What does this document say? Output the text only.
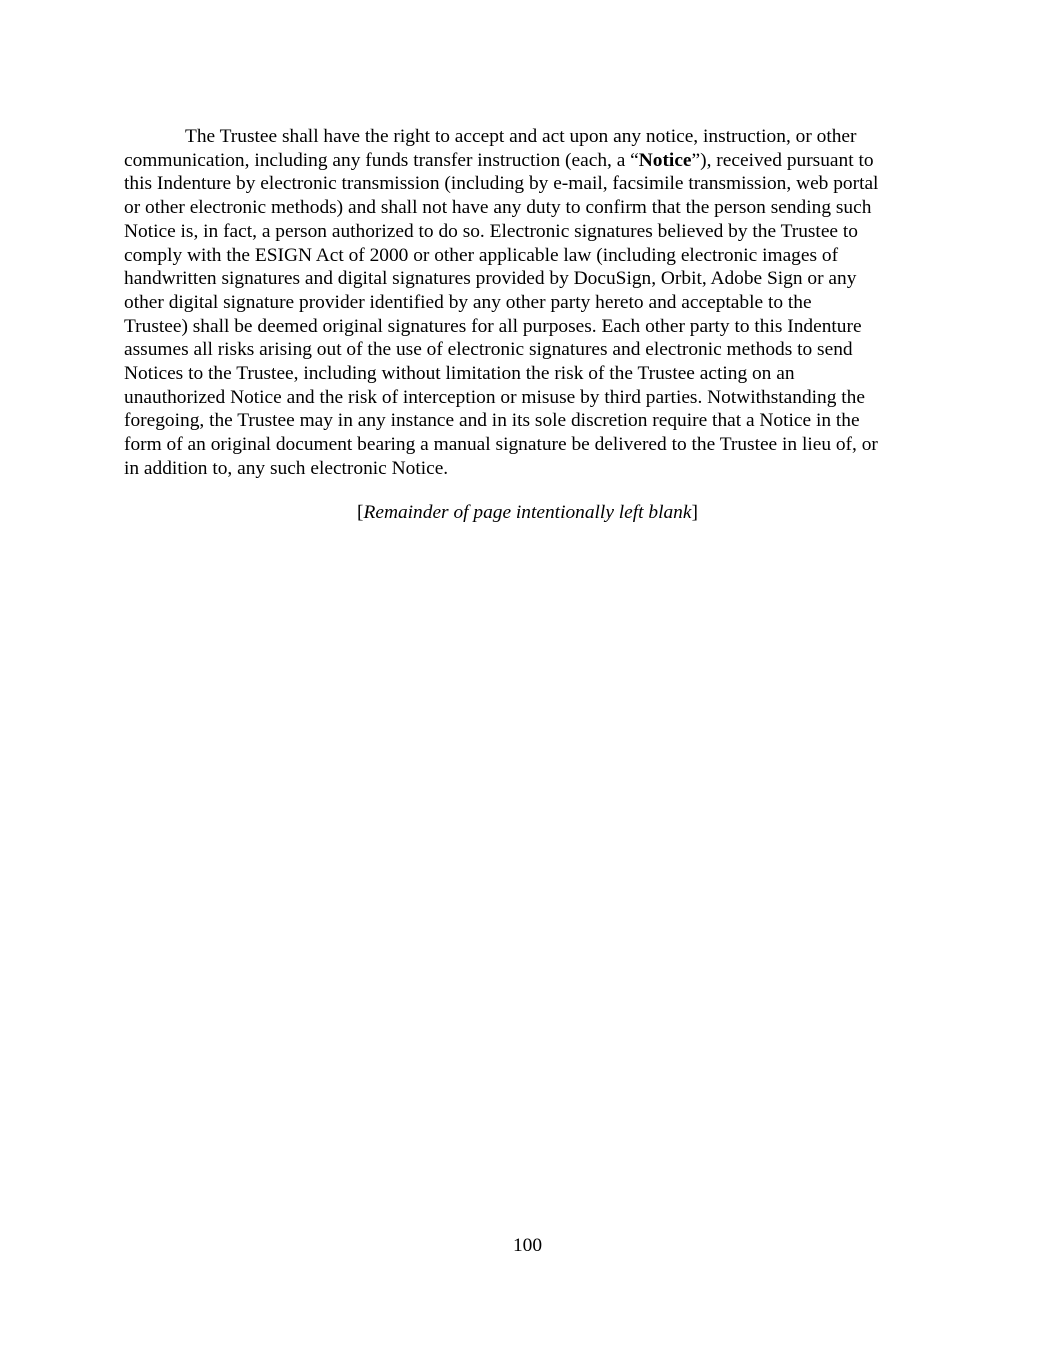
The Trustee shall have the right to accept and act upon any notice, instruction, or other
communication, including any funds transfer instruction (each, a “Notice”), received pursuant to
this Indenture by electronic transmission (including by e-mail, facsimile transmission, web portal
or other electronic methods) and shall not have any duty to confirm that the person sending such
Notice is, in fact, a person authorized to do so. Electronic signatures believed by the Trustee to
comply with the ESIGN Act of 2000 or other applicable law (including electronic images of
handwritten signatures and digital signatures provided by DocuSign, Orbit, Adobe Sign or any
other digital signature provider identified by any other party hereto and acceptable to the
Trustee) shall be deemed original signatures for all purposes. Each other party to this Indenture
assumes all risks arising out of the use of electronic signatures and electronic methods to send
Notices to the Trustee, including without limitation the risk of the Trustee acting on an
unauthorized Notice and the risk of interception or misuse by third parties. Notwithstanding the
foregoing, the Trustee may in any instance and in its sole discretion require that a Notice in the
form of an original document bearing a manual signature be delivered to the Trustee in lieu of, or
in addition to, any such electronic Notice.

[Remainder of page intentionally left blank]

100
